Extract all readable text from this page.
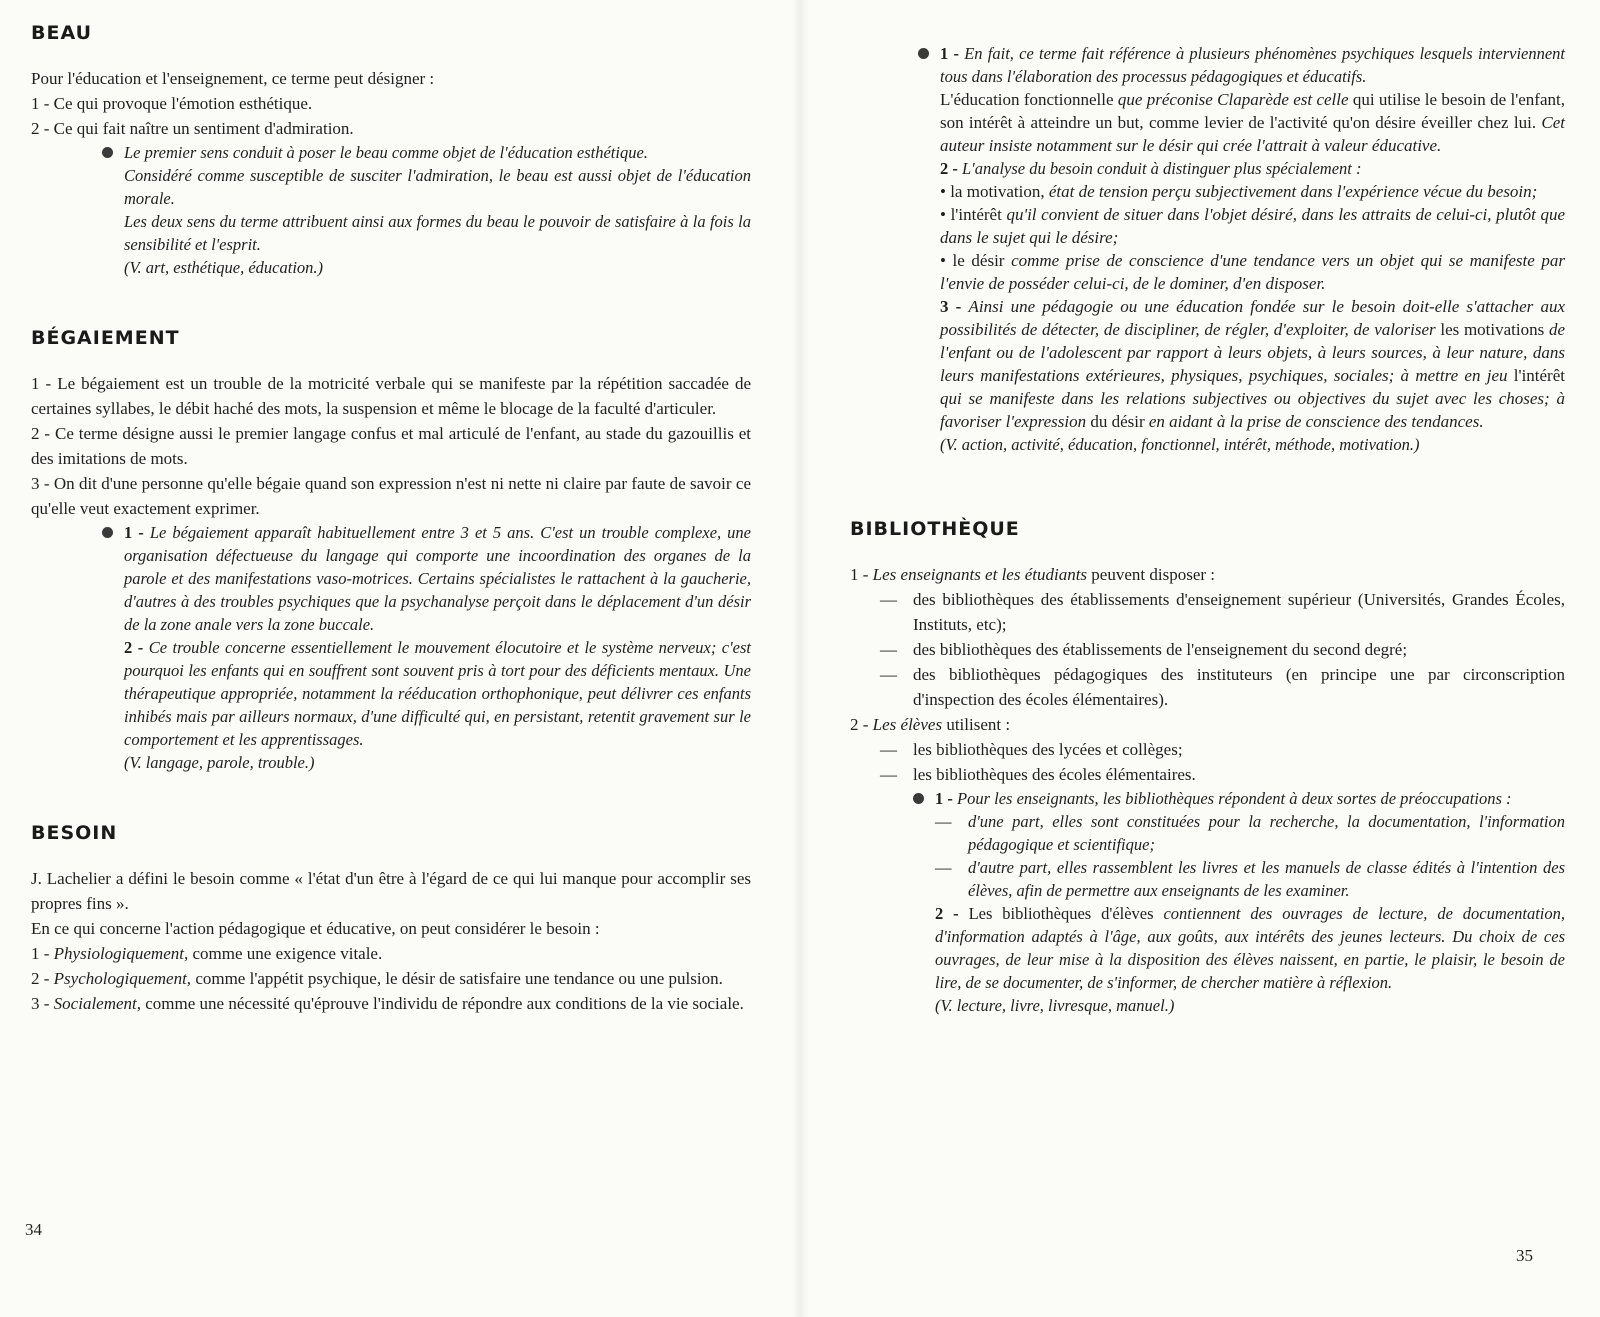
BEAU

Pour l'éducation et l'enseignement, ce terme peut désigner :

1 - Ce qui provoque l'émotion esthétique.

2 - Ce qui fait naître un sentiment d'admiration.

Le premier sens conduit à poser le beau comme objet de l'éducation esthétique.

Considéré comme susceptible de susciter l'admiration, le beau est aussi objet de l'éducation morale.

Les deux sens du terme attribuent ainsi aux formes du beau le pouvoir de satisfaire à la fois la sensibilité et l'esprit.

(V. art, esthétique, éducation.)

BÉGAIEMENT

1 - Le bégaiement est un trouble de la motricité verbale qui se manifeste par la répétition saccadée de certaines syllabes, le débit haché des mots, la suspension et même le blocage de la faculté d'articuler.

2 - Ce terme désigne aussi le premier langage confus et mal articulé de l'enfant, au stade du gazouillis et des imitations de mots.

3 - On dit d'une personne qu'elle bégaie quand son expression n'est ni nette ni claire par faute de savoir ce qu'elle veut exactement exprimer.

1 - Le bégaiement apparaît habituellement entre 3 et 5 ans. C'est un trouble complexe, une organisation défectueuse du langage qui comporte une incoordination des organes de la parole et des manifestations vaso-motrices. Certains spécialistes le rattachent à la gaucherie, d'autres à des troubles psychiques que la psychanalyse perçoit dans le déplacement d'un désir de la zone anale vers la zone buccale.

2 - Ce trouble concerne essentiellement le mouvement élocutoire et le système nerveux; c'est pourquoi les enfants qui en souffrent sont souvent pris à tort pour des déficients mentaux. Une thérapeutique appropriée, notamment la rééducation orthophonique, peut délivrer ces enfants inhibés mais par ailleurs normaux, d'une difficulté qui, en persistant, retentit gravement sur le comportement et les apprentissages.

(V. langage, parole, trouble.)

BESOIN

J. Lachelier a défini le besoin comme « l'état d'un être à l'égard de ce qui lui manque pour accomplir ses propres fins ».

En ce qui concerne l'action pédagogique et éducative, on peut considérer le besoin :

1 - Physiologiquement, comme une exigence vitale.

2 - Psychologiquement, comme l'appétit psychique, le désir de satisfaire une tendance ou une pulsion.

3 - Socialement, comme une nécessité qu'éprouve l'individu de répondre aux conditions de la vie sociale.

34

1 - En fait, ce terme fait référence à plusieurs phénomènes psychiques lesquels interviennent tous dans l'élaboration des processus pédagogiques et éducatifs.

L'éducation fonctionnelle que préconise Claparède est celle qui utilise le besoin de l'enfant, son intérêt à atteindre un but, comme levier de l'activité qu'on désire éveiller chez lui. Cet auteur insiste notamment sur le désir qui crée l'attrait à valeur éducative.

2 - L'analyse du besoin conduit à distinguer plus spécialement :

• la motivation, état de tension perçu subjectivement dans l'expérience vécue du besoin;

• l'intérêt qu'il convient de situer dans l'objet désiré, dans les attraits de celui-ci, plutôt que dans le sujet qui le désire;

• le désir comme prise de conscience d'une tendance vers un objet qui se manifeste par l'envie de posséder celui-ci, de le dominer, d'en disposer.

3 - Ainsi une pédagogie ou une éducation fondée sur le besoin doit-elle s'attacher aux possibilités de détecter, de discipliner, de régler, d'exploiter, de valoriser les motivations de l'enfant ou de l'adolescent par rapport à leurs objets, à leurs sources, à leur nature, dans leurs manifestations extérieures, physiques, psychiques, sociales; à mettre en jeu l'intérêt qui se manifeste dans les relations subjectives ou objectives du sujet avec les choses; à favoriser l'expression du désir en aidant à la prise de conscience des tendances.

(V. action, activité, éducation, fonctionnel, intérêt, méthode, motivation.)

BIBLIOTHÈQUE

1 - Les enseignants et les étudiants peuvent disposer :

— des bibliothèques des établissements d'enseignement supérieur (Universités, Grandes Écoles, Instituts, etc);

— des bibliothèques des établissements de l'enseignement du second degré;

— des bibliothèques pédagogiques des instituteurs (en principe une par circonscription d'inspection des écoles élémentaires).

2 - Les élèves utilisent :

— les bibliothèques des lycées et collèges;

— les bibliothèques des écoles élémentaires.

1 - Pour les enseignants, les bibliothèques répondent à deux sortes de préoccupations :

— d'une part, elles sont constituées pour la recherche, la documentation, l'information pédagogique et scientifique;

— d'autre part, elles rassemblent les livres et les manuels de classe édités à l'intention des élèves, afin de permettre aux enseignants de les examiner.

2 - Les bibliothèques d'élèves contiennent des ouvrages de lecture, de documentation, d'information adaptés à l'âge, aux goûts, aux intérêts des jeunes lecteurs. Du choix de ces ouvrages, de leur mise à la disposition des élèves naissent, en partie, le plaisir, le besoin de lire, de se documenter, de s'informer, de chercher matière à réflexion.

(V. lecture, livre, livresque, manuel.)

35
